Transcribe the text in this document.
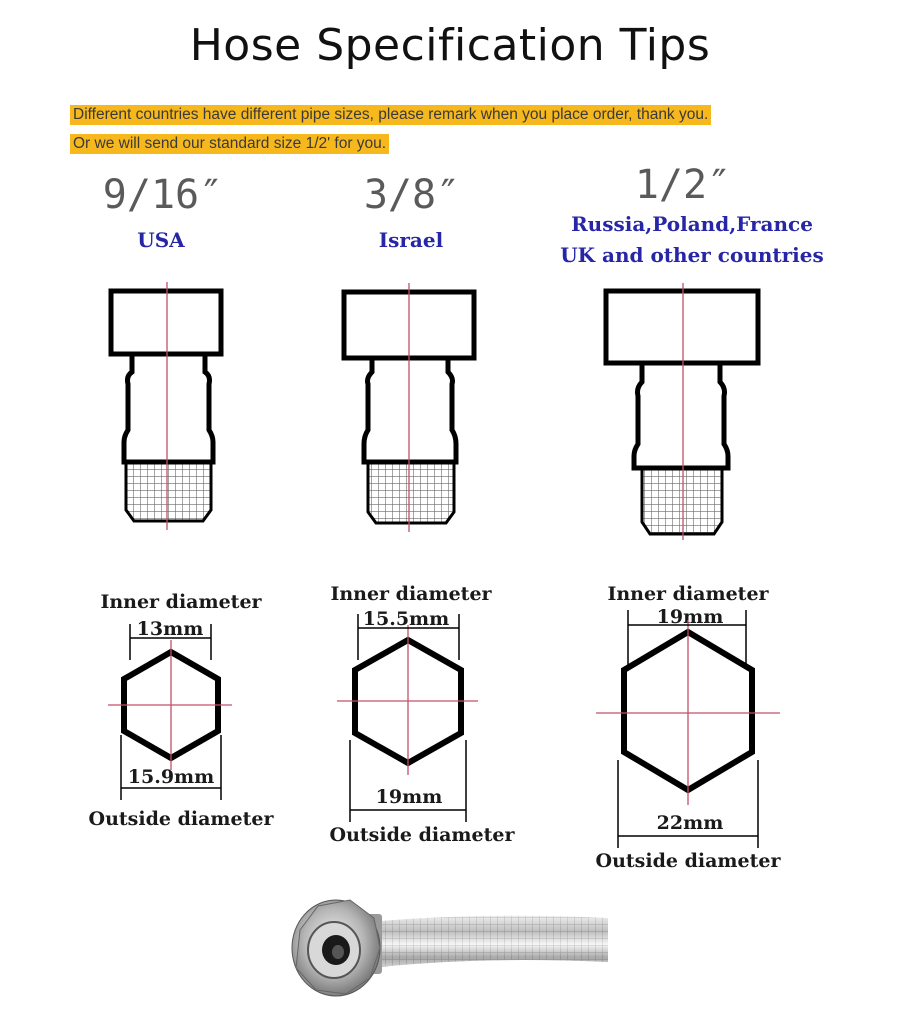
Hose Specification Tips
Different countries have different pipe sizes, please remark when you place order, thank you.
Or we will send our standard size 1/2' for you.
9/16″
USA
Inner diameter
13mm
15.9mm
Outside diameter
3/8″
Israel
Inner diameter
15.5mm
19mm
Outside diameter
1/2″
Russia,Poland,France
UK and other countries
Inner diameter
19mm
22mm
Outside diameter
